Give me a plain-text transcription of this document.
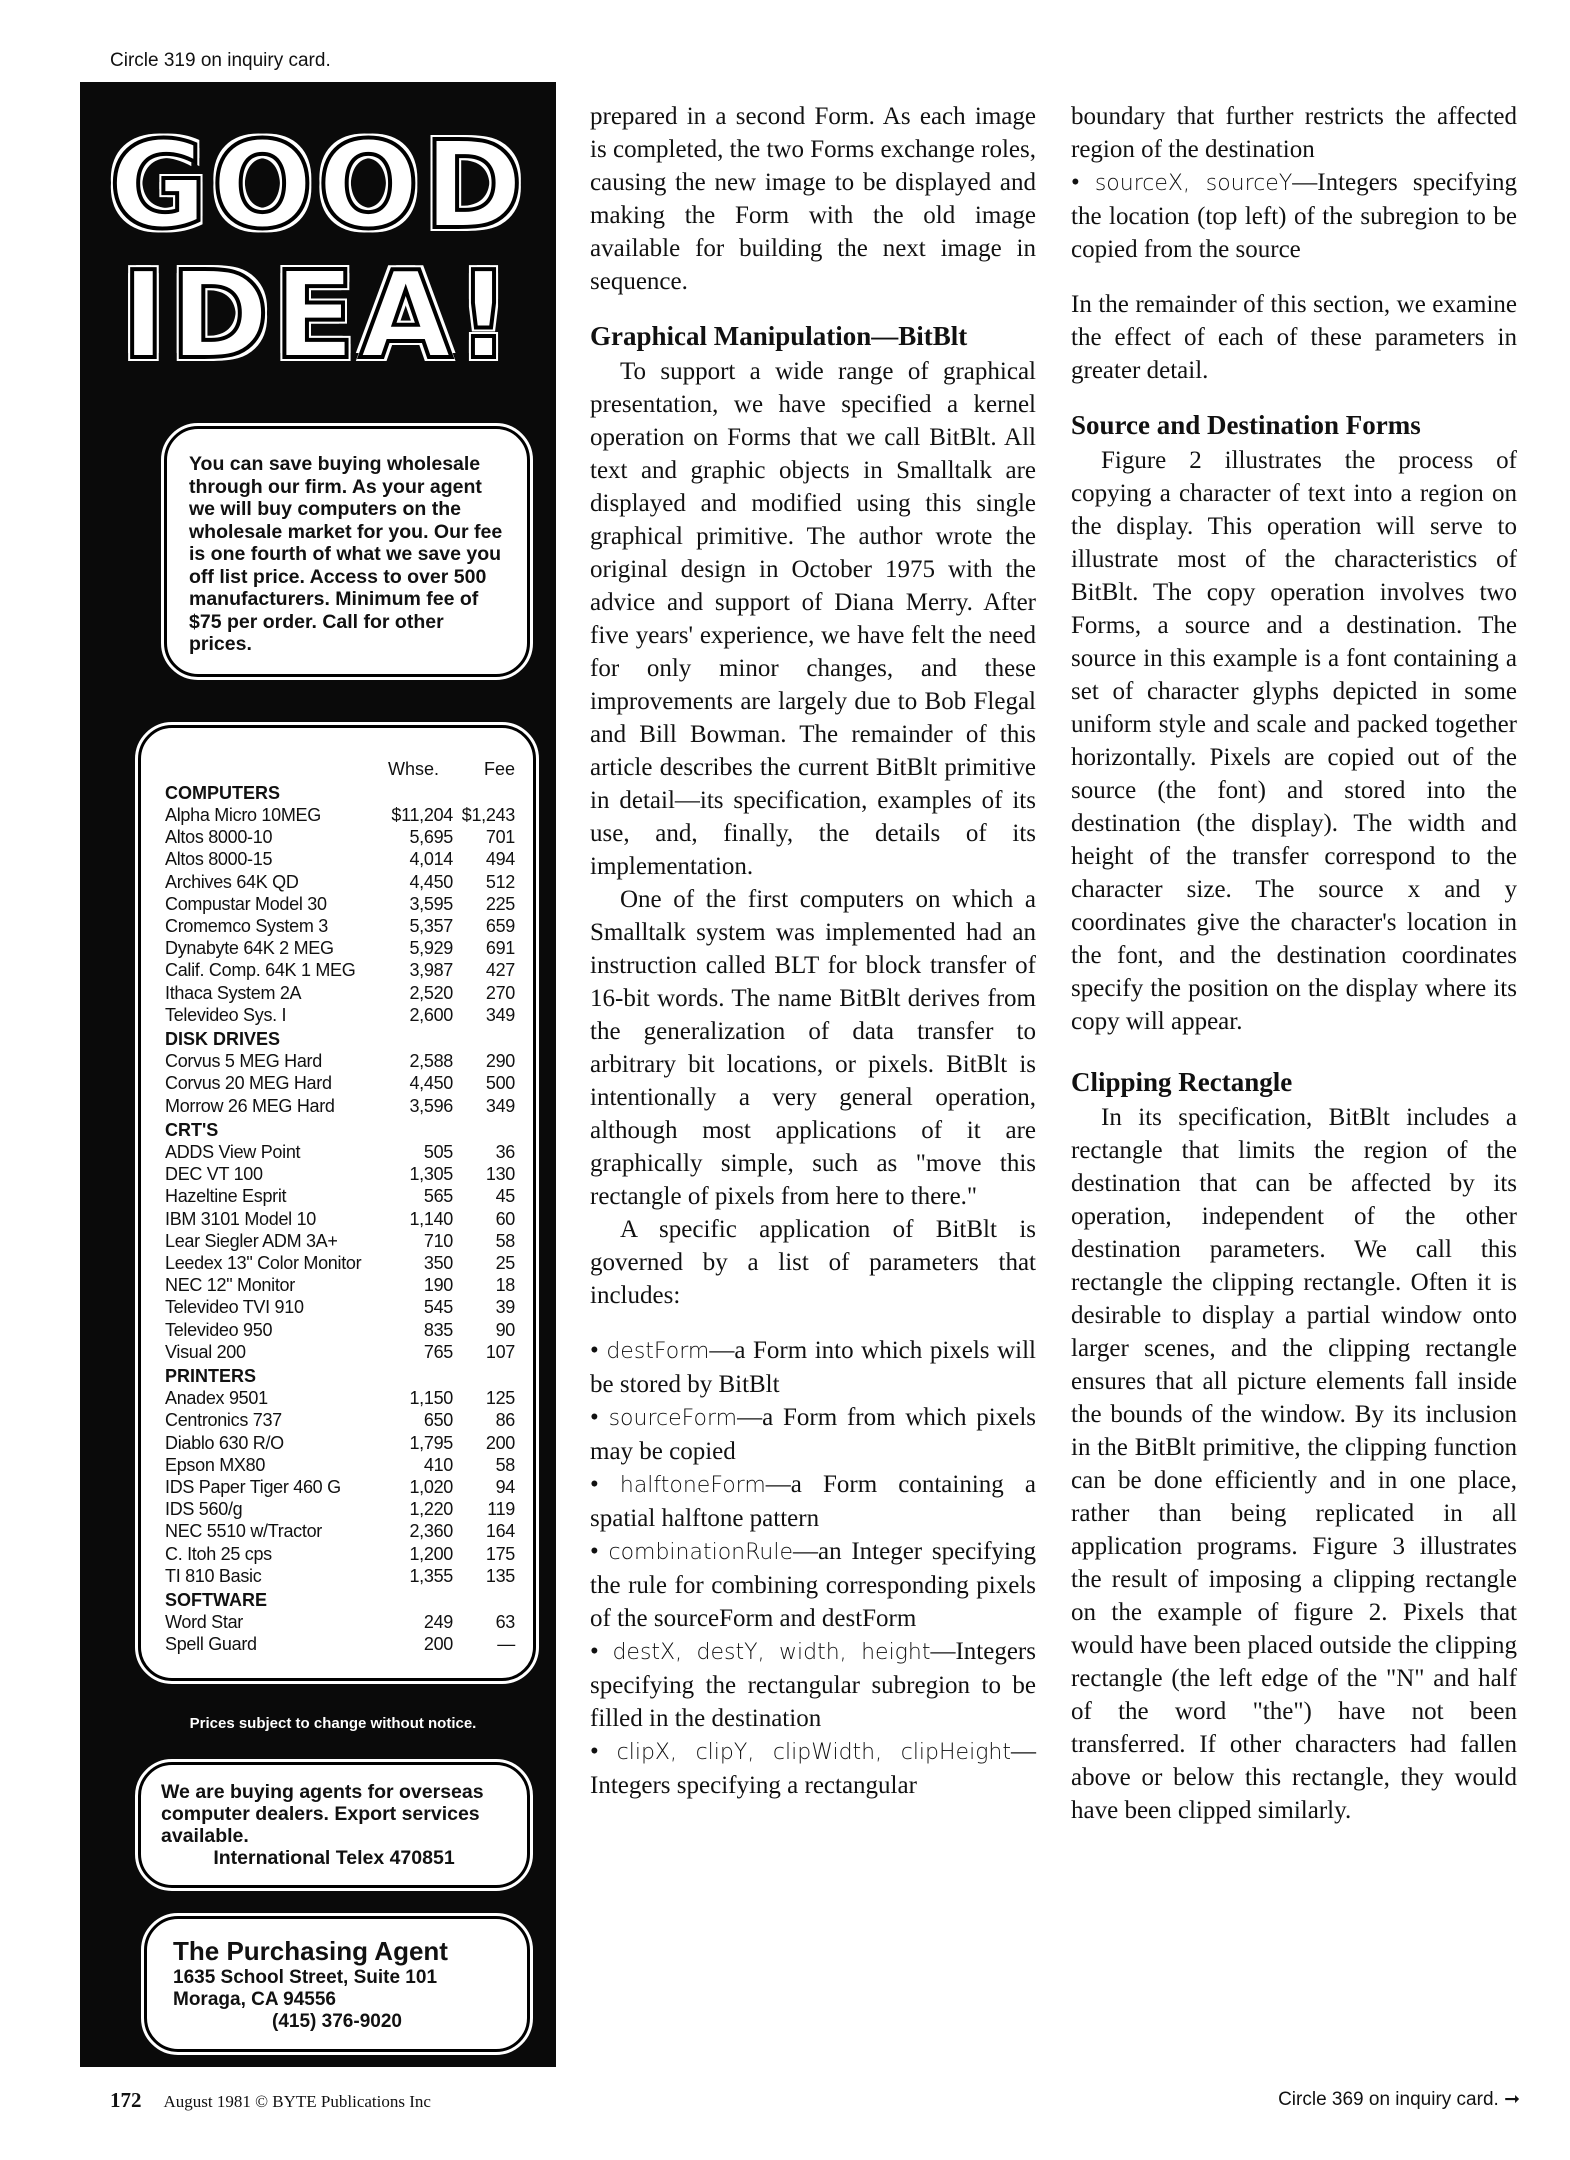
Circle 319 on inquiry card.
GOOD
IDEA!
You can save buying wholesale through our firm. As your agent we will buy computers on the wholesale market for you. Our fee is one fourth of what we save you off list price. Access to over 500 manufacturers. Minimum fee of $75 per order. Call for other prices.
Whse.	Fee
COMPUTERS
Alpha Micro 10MEG	$11,204 $1,243
Altos 8000-10	5,695	701
Altos 8000-15	4,014	494
Archives 64K QD	4,450	512
Compustar Model 30	3,595	225
Cromemco System 3	5,357	659
Dynabyte 64K 2 MEG	5,929	691
Calif. Comp. 64K 1 MEG	3,987	427
Ithaca System 2A	2,520	270
Televideo Sys. I	2,600	349
DISK DRIVES
Corvus 5 MEG Hard	2,588	290
Corvus 20 MEG Hard	4,450	500
Morrow 26 MEG Hard	3,596	349
CRT'S
ADDS View Point	505	36
DEC VT 100	1,305	130
Hazeltine Esprit	565	45
IBM 3101 Model 10	1,140	60
Lear Siegler ADM 3A+	710	58
Leedex 13" Color Monitor	350	25
NEC 12" Monitor	190	18
Televideo TVI 910	545	39
Televideo 950	835	90
Visual 200	765	107
PRINTERS
Anadex 9501	1,150	125
Centronics 737	650	86
Diablo 630 R/O	1,795	200
Epson MX80	410	58
IDS Paper Tiger 460 G	1,020	94
IDS 560/g	1,220	119
NEC 5510 w/Tractor	2,360	164
C. Itoh 25 cps	1,200	175
TI 810 Basic	1,355	135
SOFTWARE
Word Star	249	63
Spell Guard	200	—
Prices subject to change without notice.
We are buying agents for overseas computer dealers. Export services available.
International Telex 470851
The Purchasing Agent
1635 School Street, Suite 101
Moraga, CA 94556
(415) 376-9020

prepared in a second Form. As each image is completed, the two Forms exchange roles, causing the new image to be displayed and making the Form with the old image available for building the next image in sequence.

Graphical Manipulation—BitBlt

To support a wide range of graphical presentation, we have specified a kernel operation on Forms that we call BitBlt. All text and graphic objects in Smalltalk are displayed and modified using this single graphical primitive. The author wrote the original design in October 1975 with the advice and support of Diana Merry. After five years' experience, we have felt the need for only minor changes, and these improvements are largely due to Bob Flegal and Bill Bowman. The remainder of this article describes the current BitBlt primitive in detail—its specification, examples of its use, and, finally, the details of its implementation.

One of the first computers on which a Smalltalk system was implemented had an instruction called BLT for block transfer of 16-bit words. The name BitBlt derives from the generalization of data transfer to arbitrary bit locations, or pixels. BitBlt is intentionally a very general operation, although most applications of it are graphically simple, such as "move this rectangle of pixels from here to there."

A specific application of BitBlt is governed by a list of parameters that includes:

• destForm—a Form into which pixels will be stored by BitBlt

• sourceForm—a Form from which pixels may be copied

• halftoneForm—a Form containing a spatial halftone pattern

• combinationRule—an Integer specifying the rule for combining corresponding pixels of the sourceForm and destForm

• destX, destY, width, height—Integers specifying the rectangular subregion to be filled in the destination

• clipX, clipY, clipWidth, clipHeight—Integers specifying a rectangular

boundary that further restricts the affected region of the destination

• sourceX, sourceY—Integers specifying the location (top left) of the subregion to be copied from the source

In the remainder of this section, we examine the effect of each of these parameters in greater detail.

Source and Destination Forms

Figure 2 illustrates the process of copying a character of text into a region on the display. This operation will serve to illustrate most of the characteristics of BitBlt. The copy operation involves two Forms, a source and a destination. The source in this example is a font containing a set of character glyphs depicted in some uniform style and scale and packed together horizontally. Pixels are copied out of the source (the font) and stored into the destination (the display). The width and height of the transfer correspond to the character size. The source x and y coordinates give the character's location in the font, and the destination coordinates specify the position on the display where its copy will appear.

Clipping Rectangle

In its specification, BitBlt includes a rectangle that limits the region of the destination that can be affected by its operation, independent of the other destination parameters. We call this rectangle the clipping rectangle. Often it is desirable to display a partial window onto larger scenes, and the clipping rectangle ensures that all picture elements fall inside the bounds of the window. By its inclusion in the BitBlt primitive, the clipping function can be done efficiently and in one place, rather than being replicated in all application programs. Figure 3 illustrates the result of imposing a clipping rectangle on the example of figure 2. Pixels that would have been placed outside the clipping rectangle (the left edge of the "N" and half of the word "the") have not been transferred. If other characters had fallen above or below this rectangle, they would have been clipped similarly.

172 August 1981 © BYTE Publications Inc	Circle 369 on inquiry card. ➞
